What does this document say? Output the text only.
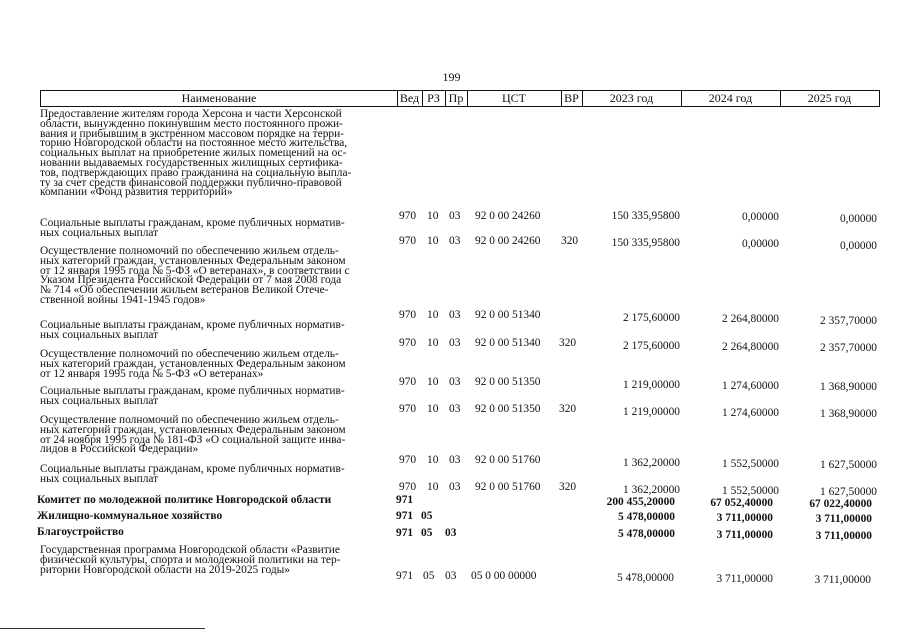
199
Наименование	Вед РЗ Пр	ЦСТ	ВР	2023 год	2024 год	2025 год
Предоставление жителям города Херсона и части Херсонской
области, вынужденно покинувшим место постоянного прожи-
вания и прибывшим в экстренном массовом порядке на терри-
торию Новгородской области на постоянное место жительства,
социальных выплат на приобретение жилых помещений на ос-
новании выдаваемых государственных жилищных сертифика-
тов, подтверждающих право гражданина на социальную выпла-
ту за счет средств финансовой поддержки публично-правовой
компании «Фонд развития территорий»
970 10 03 92 0 00 24260	150 335,95800	0,00000	0,00000
Социальные выплаты гражданам, кроме публичных норматив-
ных социальных выплат
970 10 03 92 0 00 24260 320	150 335,95800	0,00000	0,00000
Осуществление полномочий по обеспечению жильем отдель-
ных категорий граждан, установленных Федеральным законом
от 12 января 1995 года № 5-ФЗ «О ветеранах», в соответствии с
Указом Президента Российской Федерации от 7 мая 2008 года
№ 714 «Об обеспечении жильем ветеранов Великой Отече-
ственной войны 1941-1945 годов»
970 10 03 92 0 00 51340	2 175,60000	2 264,80000	2 357,70000
Социальные выплаты гражданам, кроме публичных норматив-
ных социальных выплат
970 10 03 92 0 00 51340 320	2 175,60000	2 264,80000	2 357,70000
Осуществление полномочий по обеспечению жильем отдель-
ных категорий граждан, установленных Федеральным законом
от 12 января 1995 года № 5-ФЗ «О ветеранах»
970 10 03 92 0 00 51350	1 219,00000	1 274,60000	1 368,90000
Социальные выплаты гражданам, кроме публичных норматив-
ных социальных выплат
970 10 03 92 0 00 51350 320	1 219,00000	1 274,60000	1 368,90000
Осуществление полномочий по обеспечению жильем отдель-
ных категорий граждан, установленных Федеральным законом
от 24 ноября 1995 года № 181-ФЗ «О социальной защите инва-
лидов в Российской Федерации»
970 10 03 92 0 00 51760	1 362,20000	1 552,50000	1 627,50000
Социальные выплаты гражданам, кроме публичных норматив-
ных социальных выплат
970 10 03 92 0 00 51760 320	1 362,20000	1 552,50000	1 627,50000
Комитет по молодежной политике Новгородской области	971	200 455,20000	67 052,40000	67 022,40000
Жилищно-коммунальное хозяйство	971 05	5 478,00000	3 711,00000	3 711,00000
Благоустройство	971 05 03	5 478,00000	3 711,00000	3 711,00000
Государственная программа Новгородской области «Развитие
физической культуры, спорта и молодежной политики на тер-
ритории Новгородской области на 2019-2025 годы»
971 05 03 05 0 00 00000	5 478,00000	3 711,00000	3 711,00000
